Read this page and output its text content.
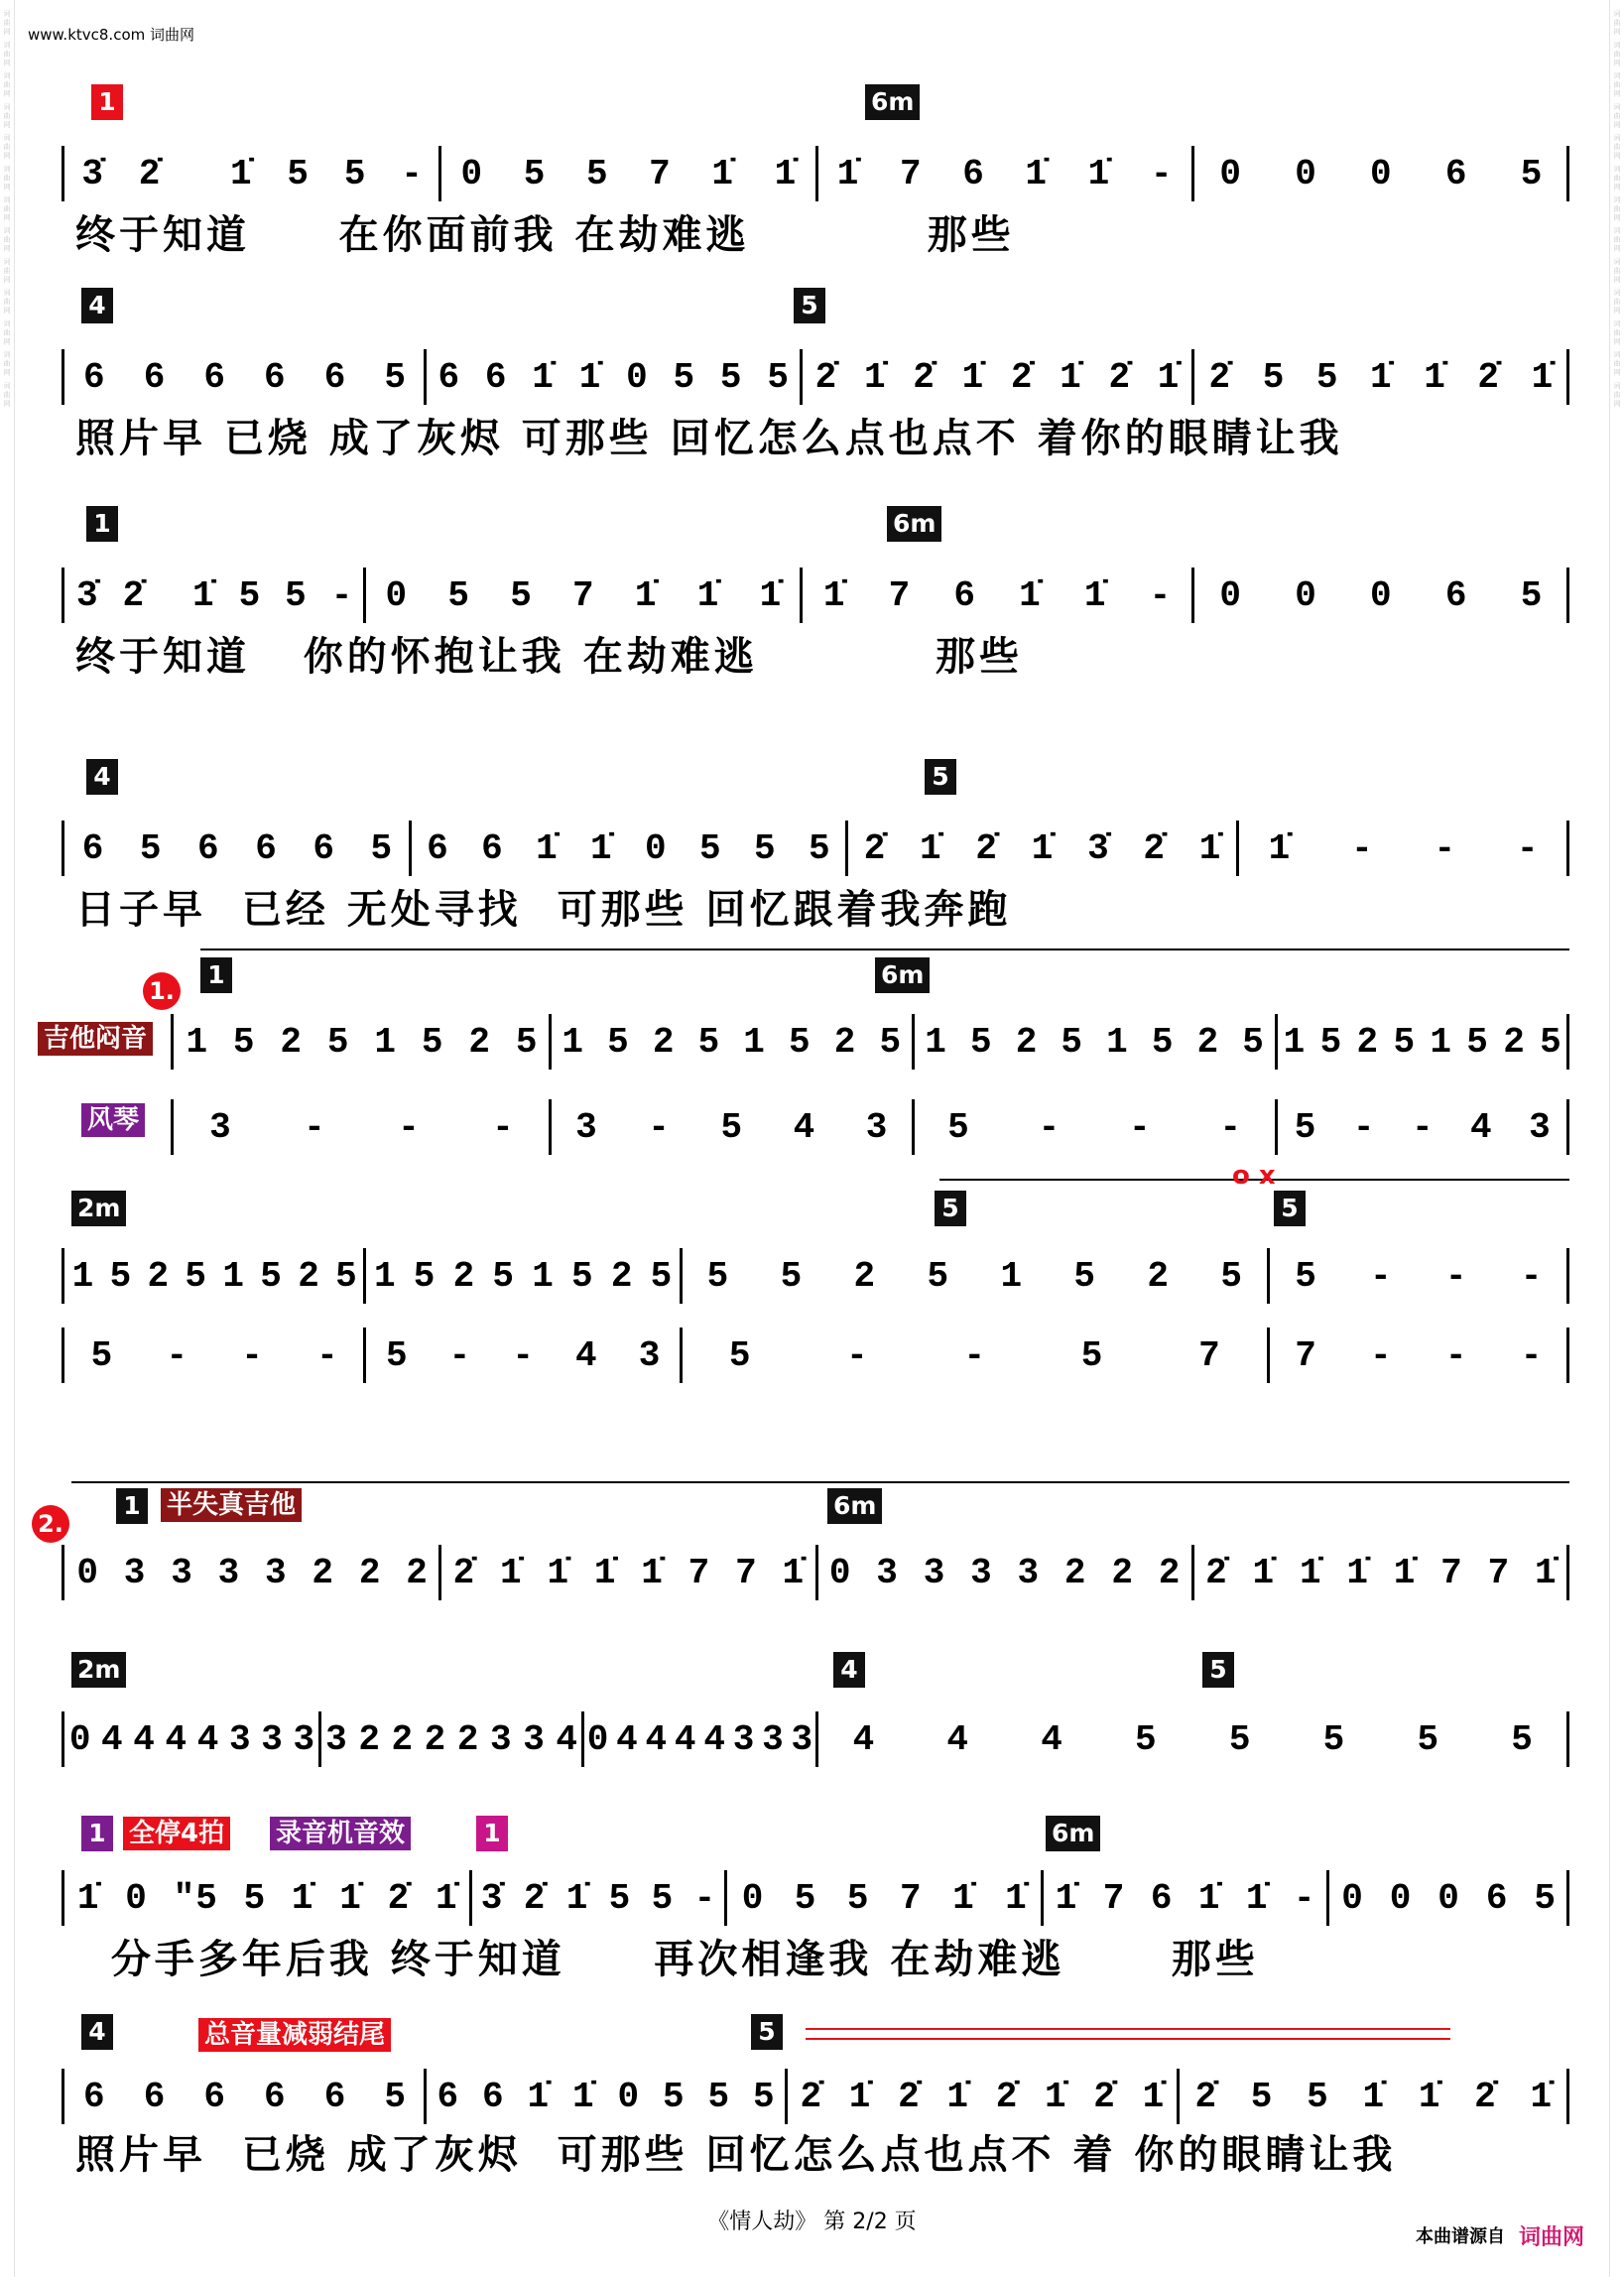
词曲网 词曲网 词曲网 词曲网 词曲网 词曲网 词曲网 词曲网 词曲网 词曲网 词曲网 词曲网 词曲网	词曲网 词曲网 词曲网 词曲网 词曲网 词曲网 词曲网 词曲网 词曲网 词曲网 词曲网 词曲网 词曲网
www.ktvc8.com 词曲网
1	6m
3̇ 2̇ 1̇ 5 5 - 0 5 5 7 1̇ 1̇ 1̇ 7 6 1̇ 1̇ - 0 0 0 6 5
终于知道     在你面前我 在劫难逃          那些
4	5
6 6 6 6 6 5 6 6 1̇ 1̇ 0 5 5 5 2̇ 1̇ 2̇ 1̇ 2̇ 1̇ 2̇ 1̇ 2̇ 5 5 1̇ 1̇ 2̇ 1̇
照片早 已烧 成了灰烬 可那些 回忆怎么点也点不 着你的眼睛让我
1	6m
3̇ 2̇ 1̇ 5 5 - 0 5 5 7 1̇ 1̇ 1̇ 1̇ 7 6 1̇ 1̇ - 0 0 0 6 5
终于知道   你的怀抱让我 在劫难逃          那些
4	5
6 5 6 6 6 5 6 6 1̇ 1̇ 0 5 5 5 2̇ 1̇ 2̇ 1̇ 3̇ 2̇ 1̇ 1̇ - - -
日子早  已经 无处寻找  可那些 回忆跟着我奔跑
1.
1	6m
吉他闷音
风琴
1 5 2 5 1 5 2 5 1 5 2 5 1 5 2 5 1 5 2 5 1 5 2 5 1 5 2 5 1 5 2 5
3 - - - 3 - 5 4 3 5 - - - 5 - - 4 3
o x
2m	5	5
1 5 2 5 1 5 2 5 1 5 2 5 1 5 2 5 5 5 2 5 1 5 2 5 5 - - -
5 - - - 5 - - 4 3 5	-	-	5	7 7 - - -
2.
半失真吉他
1	6m
0 3 3 3 3 2 2 2 2̇ 1̇ 1̇ 1̇ 1̇ 7 7 1̇ 0 3 3 3 3 2 2 2 2̇ 1̇ 1̇ 1̇ 1̇ 7 7 1̇
2m	4	5
0 4 4 4 4 3 3 3 3 2 2 2 2 3 3 4 0 4 4 4 4 3 3 3 4 4 4 5 5 5 5 5
1	1	6m
全停4拍 录音机音效
1̇ 0 "5 5 1̇ 1̇ 2̇ 1̇ 3̇ 2̇ 1̇ 5 5 - 0 5 5 7 1̇ 1̇ 1̇ 7 6 1̇ 1̇ - 0 0 0 6 5
分手多年后我 终于知道     再次相逢我 在劫难逃      那些
4	5
总音量减弱结尾
6 6 6 6 6 5 6 6 1̇ 1̇ 0 5 5 5 2̇ 1̇ 2̇ 1̇ 2̇ 1̇ 2̇ 1̇ 2̇ 5 5 1̇ 1̇ 2̇ 1̇
照片早  已烧 成了灰烬  可那些 回忆怎么点也点不 着 你的眼睛让我
《情人劫》 第 2/2 页
本曲谱源自 词曲网
